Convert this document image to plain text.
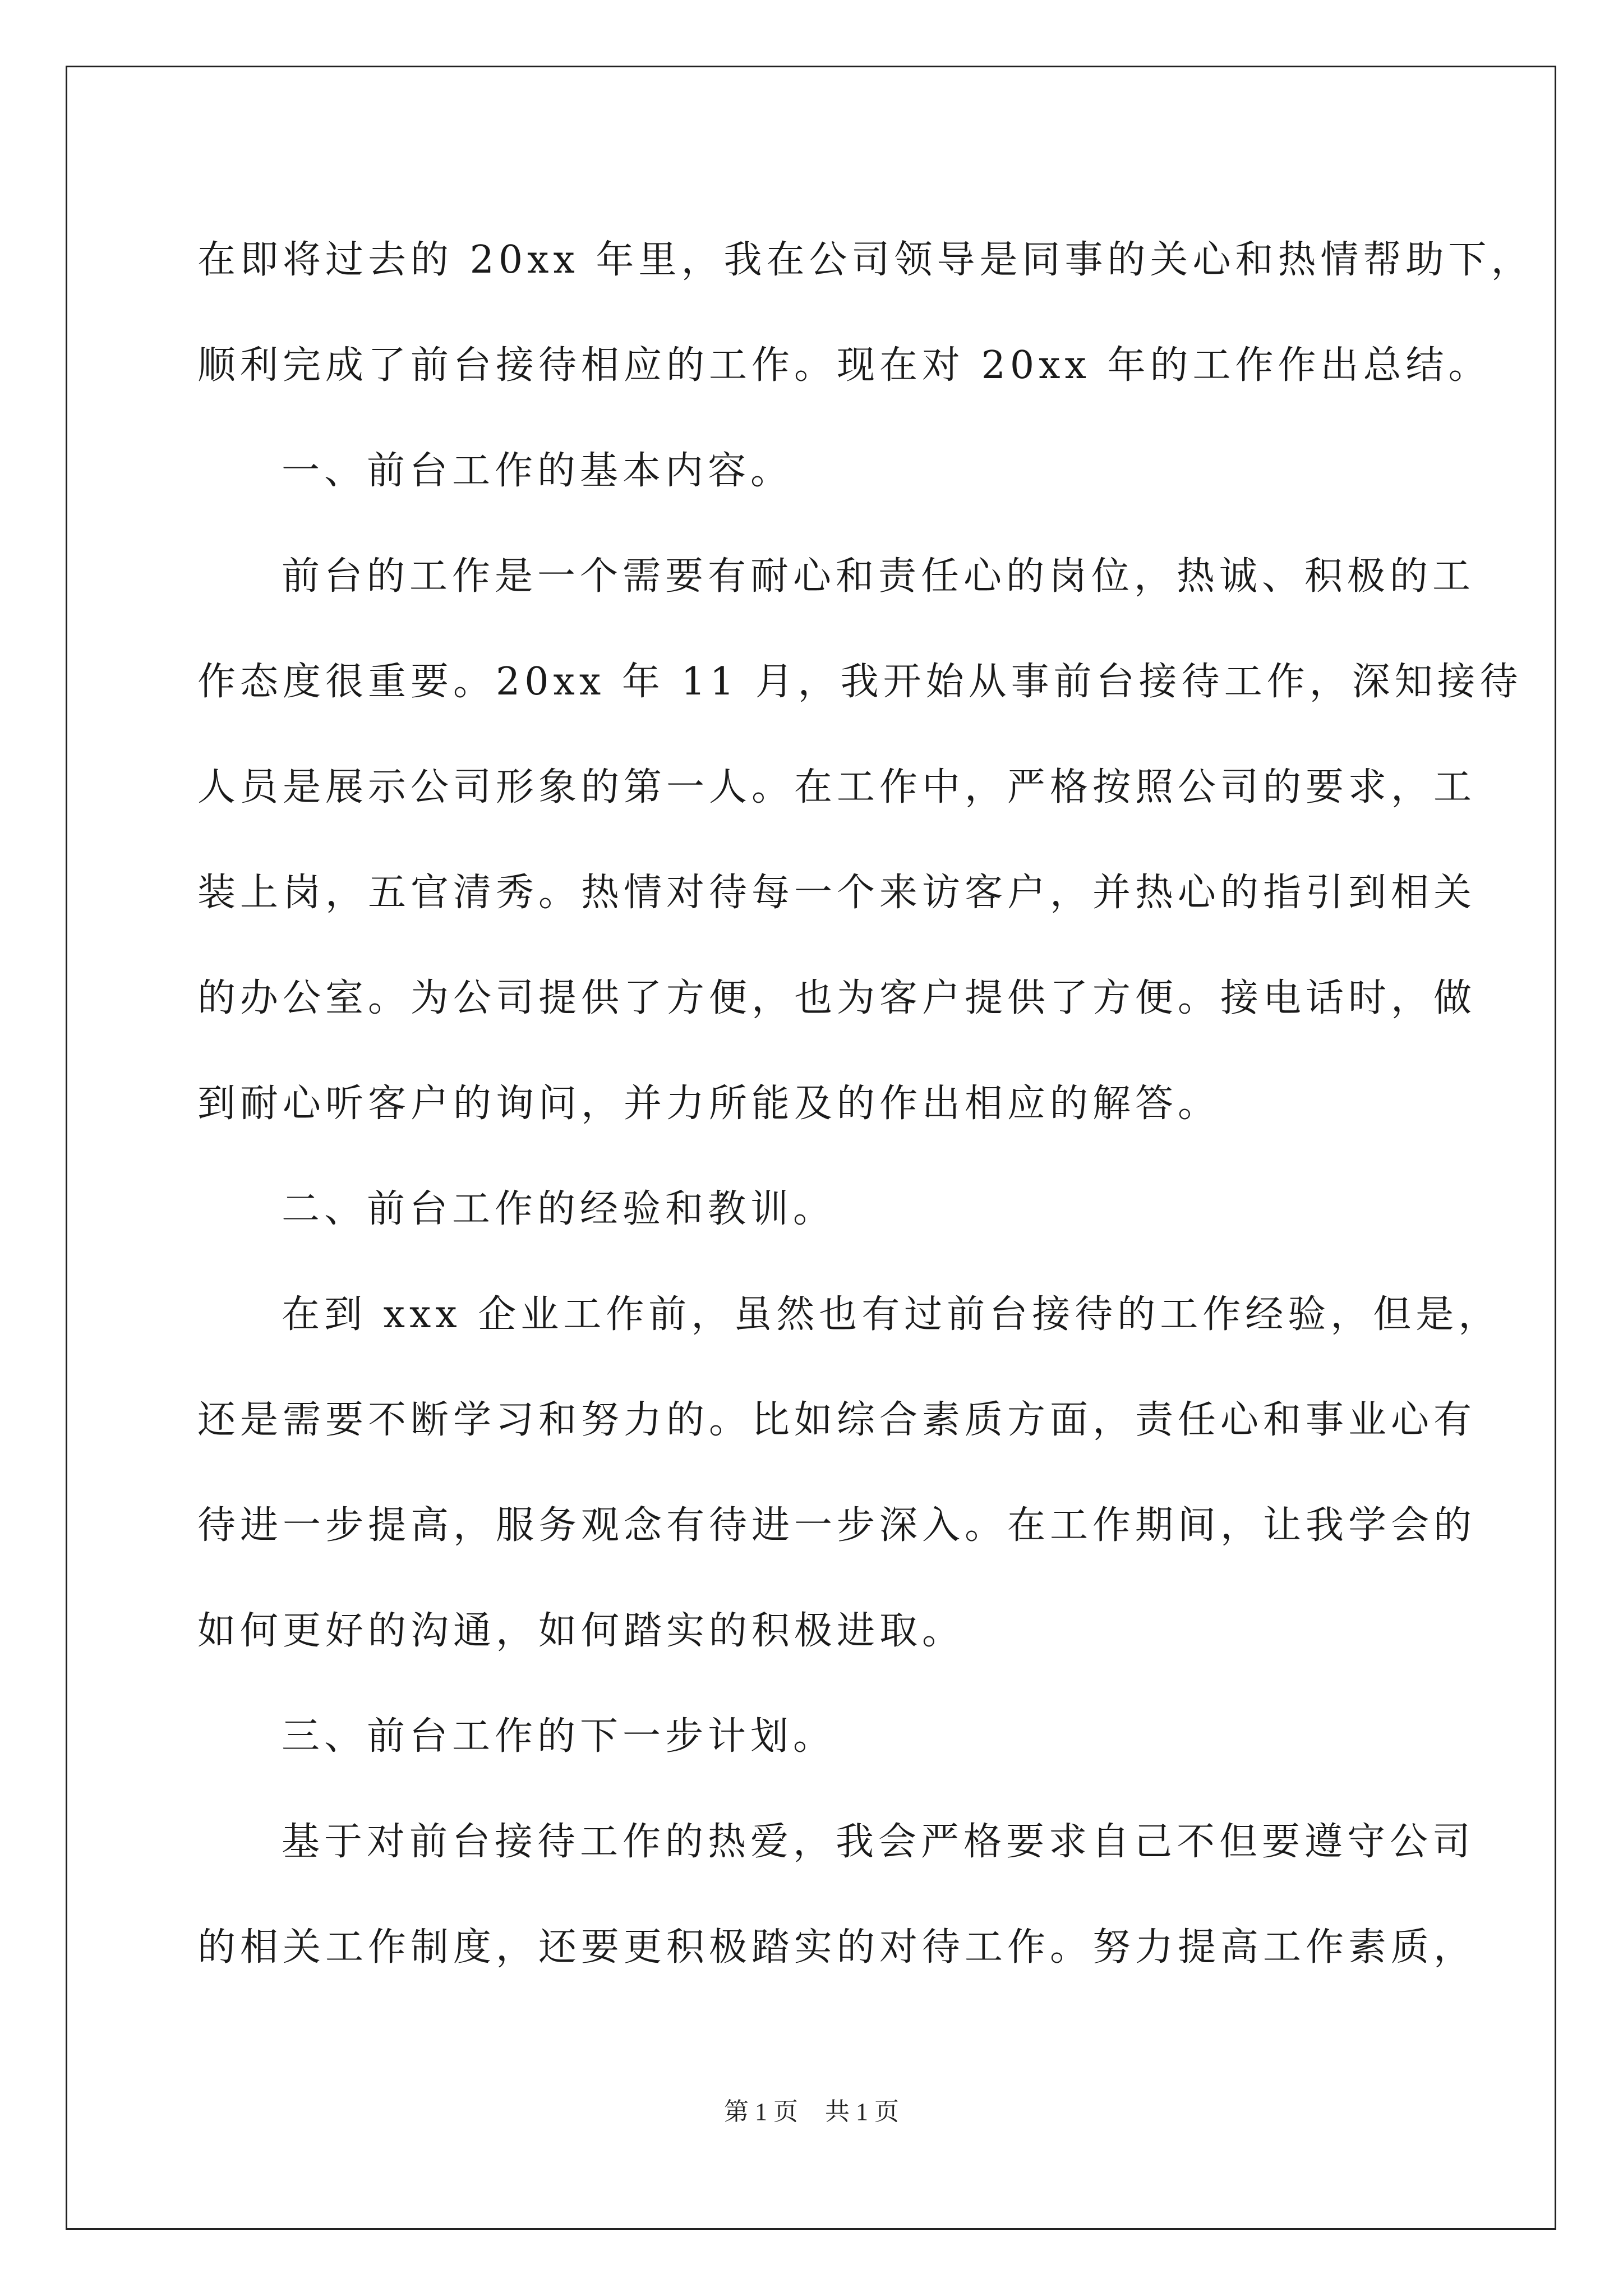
在即将过去的 20xx 年里，我在公司领导是同事的关心和热情帮助下，
顺利完成了前台接待相应的工作。现在对 20xx 年的工作作出总结。
一、前台工作的基本内容。
前台的工作是一个需要有耐心和责任心的岗位，热诚、积极的工
作态度很重要。20xx 年 11 月，我开始从事前台接待工作，深知接待
人员是展示公司形象的第一人。在工作中，严格按照公司的要求，工
装上岗，五官清秀。热情对待每一个来访客户，并热心的指引到相关
的办公室。为公司提供了方便，也为客户提供了方便。接电话时，做
到耐心听客户的询问，并力所能及的作出相应的解答。
二、前台工作的经验和教训。
在到 xxx 企业工作前，虽然也有过前台接待的工作经验，但是，
还是需要不断学习和努力的。比如综合素质方面，责任心和事业心有
待进一步提高，服务观念有待进一步深入。在工作期间，让我学会的
如何更好的沟通，如何踏实的积极进取。
三、前台工作的下一步计划。
基于对前台接待工作的热爱，我会严格要求自己不但要遵守公司
的相关工作制度，还要更积极踏实的对待工作。努力提高工作素质，

第 1 页 共 1 页
